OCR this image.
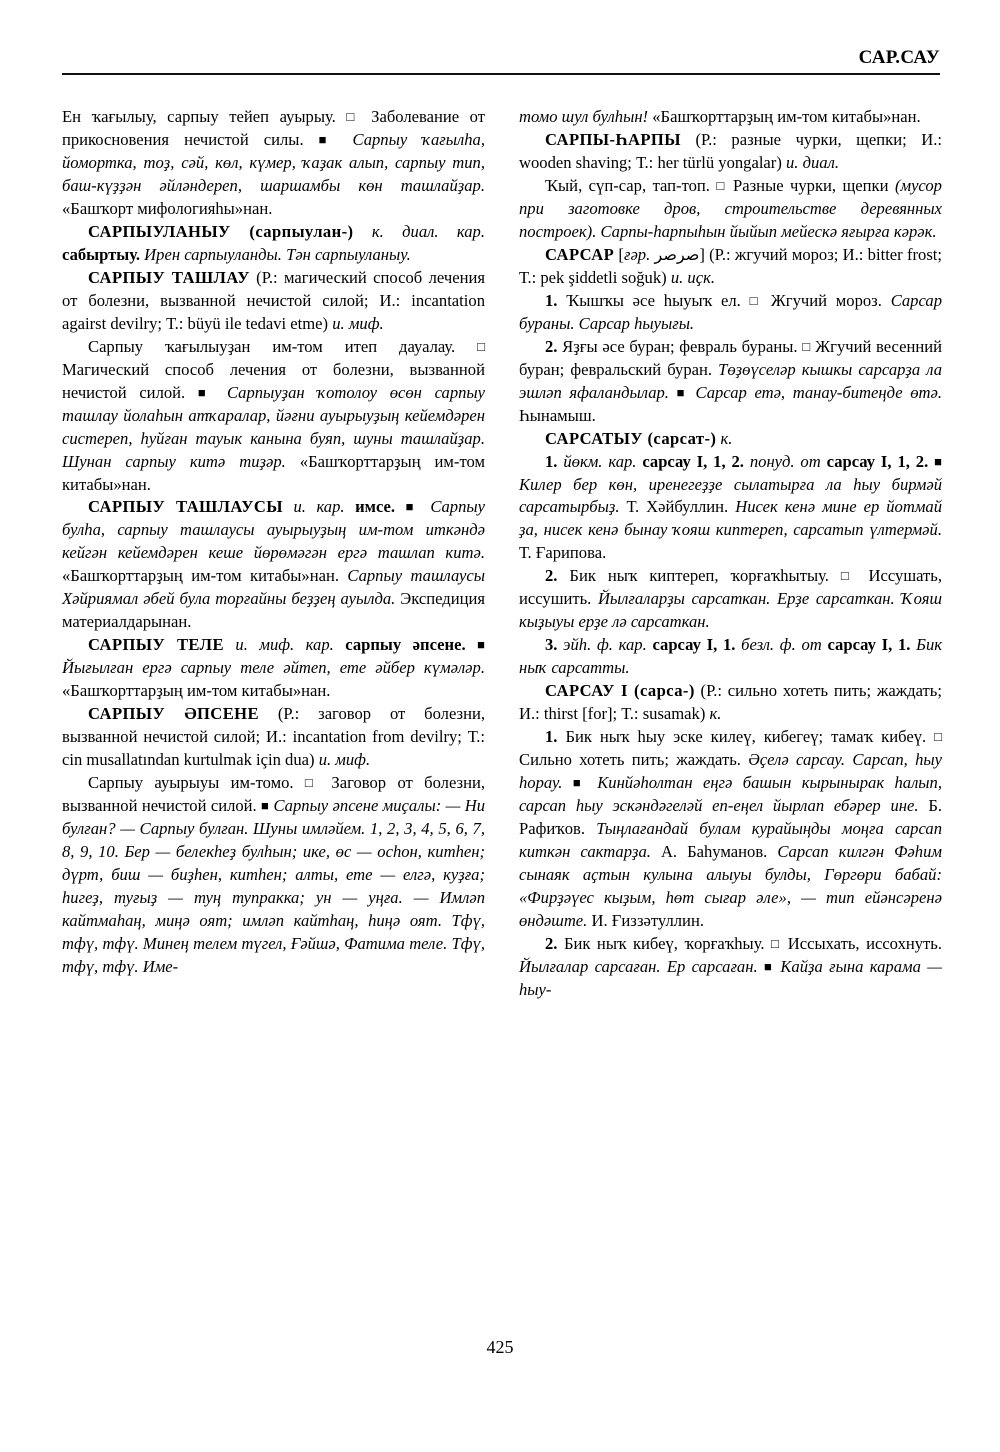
САР.САУ

Ен ҡағылыу, сарпыу тейеп ауырыу. □ Заболевание от прикосновения нечистой силы. ■ Сарпыу ҡағылһа, йомортка, тоҙ, сәй, көл, күмер, ҡаҙак алып, сарпыу тип, баш-күҙҙән әйләндереп, шаршамбы көн ташлайҙар. «Башҡорт мифологияһы»нан.

САРПЫУЛАНЫУ (сарпыулан-) к. диал. кар. сабыртыу. Ирен сарпыуланды. Тән сарпыуланыу.

САРПЫУ ТАШЛАУ (Р.: магический способ лечения от болезни, вызванной нечистой силой; И.: incantation agairst devilry; Т.: büyü ile tedavi etme) и. миф.

Сарпыу ҡағылыуҙан им-том итеп дауалау. □ Магический способ лечения от болезни, вызванной нечистой силой. ■ Сарпыуҙан ҡотолоу өсөн сарпыу ташлау йолаһын атҡаралар, йәғни ауырыуҙың кейемдәрен систереп, һуйған тауык канына буяп, шуны ташлайҙар. Шунан сарпыу китә тиҙәр. «Башҡорттарҙың им-том китабы»нан.

САРПЫУ ТАШЛАУСЫ и. кар. имсе. ■ Сарпыу булһа, сарпыу ташлаусы ауырыуҙың им-том иткәндә кейгән кейемдәрен кеше йөрөмәгән ергә ташлап китә. «Башҡорттарҙың им-том китабы»нан. Сарпыу ташлаусы Хәйриямал әбей була торғайны беҙҙең ауылда. Экспедиция материалдарынан.

САРПЫУ ТЕЛЕ и. миф. кар. сарпыу әпсене. ■ Йығылған ергә сарпыу теле әйтеп, ете әйбер күмәләр. «Башҡорттарҙың им-том китабы»нан.

САРПЫУ ӘПСЕНЕ (Р.: заговор от болезни, вызванной нечистой силой; И.: incantation from devilry; Т.: cin musallatından kurtulmak için dua) и. миф.

Сарпыу ауырыуы им-томо. □ Заговор от болезни, вызванной нечистой силой. ■ Сарпыу әпсене миҫалы: — Ни булған? — Сарпыу булған. Шуны имләйем. 1, 2, 3, 4, 5, 6, 7, 8, 9, 10. Бер — белекһеҙ булһын; ике, өс — осһон, китһен; дүрт, биш — биҙһен, китһен; алты, ете — елгә, куҙға; һигеҙ, туғыҙ — туң тупракка; ун — уңға. — Имләп кайтмаһаң, миңә оят; имләп кайтһаң, һиңә оят. Тфү, тфү, тфү. Минең телем түгел, Ғәйшә, Фатима теле. Тфү, тфү, тфү. Име-

томо шул булһын! «Башҡорттарҙың им-том китабы»нан.

САРПЫ-ҺАРПЫ (Р.: разные чурки, щепки; И.: wooden shaving; Т.: her türlü yongalar) и. диал.

Ҡый, сүп-сар, тап-топ. □ Разные чурки, щепки (мусор при заготовке дров, строительстве деревянных построек). Сарпы-һарпыһын йыйып мейескә яғырға кәрәк.

САРСАР [ғәр. صرصر] (Р.: жгучий мороз; И.: bitter frost; Т.: pek şiddetli soğuk) и. иҫк.

1. Ҡышҡы әсе һыуыҡ ел. □ Жгучий мороз. Сарсар бураны. Сарсар һыуығы.

2. Яҙғы әсе буран; февраль бураны. □ Жгучий весенний буран; февральский буран. Төҙөүселәр кышкы сарсарҙа ла эшләп яфаландылар. ■ Сарсар етә, танау-битеңде өтә. Һынамыш.

САРСАТЫУ (сарсат-) к.

1. йөкм. кар. сарсау I, 1, 2. понуд. от сарсау I, 1, 2. ■ Килер бер көн, иренегеҙҙе сылатырға ла һыу бирмәй сарсатырбыҙ. Т. Хәйбуллин. Нисек кенә мине ер йотмай ҙа, нисек кенә бынау ҡояш киптереп, сарсатып үлтермәй. Т. Ғарипова.

2. Бик ныҡ киптереп, ҡорғаҡһытыу. □ Иссушать, иссушить. Йылғаларҙы сарсаткан. Ерҙе сарсаткан. Ҡояш кыҙыуы ерҙе лә сарсаткан.

3. эйһ. ф. кар. сарсау I, 1. безл. ф. от сарсау I, 1. Бик ныҡ сарсатты.

САРСАУ I (сарса-) (Р.: сильно хотеть пить; жаждать; И.: thirst [for]; Т.: susamak) к.

1. Бик ныҡ һыу эске килеү, кибегеү; тамаҡ кибеү. □ Сильно хотеть пить; жаждать. Әҫелә сарсау. Сарсап, һыу һорау. ■ Кинйәһолтан еңгә башын кырынырак һалып, сарсап һыу эскәндәгеләй еп-еңел йырлап ебәрер ине. Б. Рафиҡов. Тыңлағандай булам курайыңды моңға сарсап киткән сактарҙа. А. Баһуманов. Сарсап килгән Фәһим сынаяк аҫтын кулына алыуы булды, Гөргөри бабай: «Фирҙәүес кыҙым, һөт сығар әле», — тип ейәнсәренә өндәште. И. Ғиззәтуллин.

2. Бик ныҡ кибеү, ҡорғаҡһыу. □ Иссыхать, иссохнуть. Йылғалар сарсаған. Ер сарсаған. ■ Кайҙа ғына карама — һыу-

425
